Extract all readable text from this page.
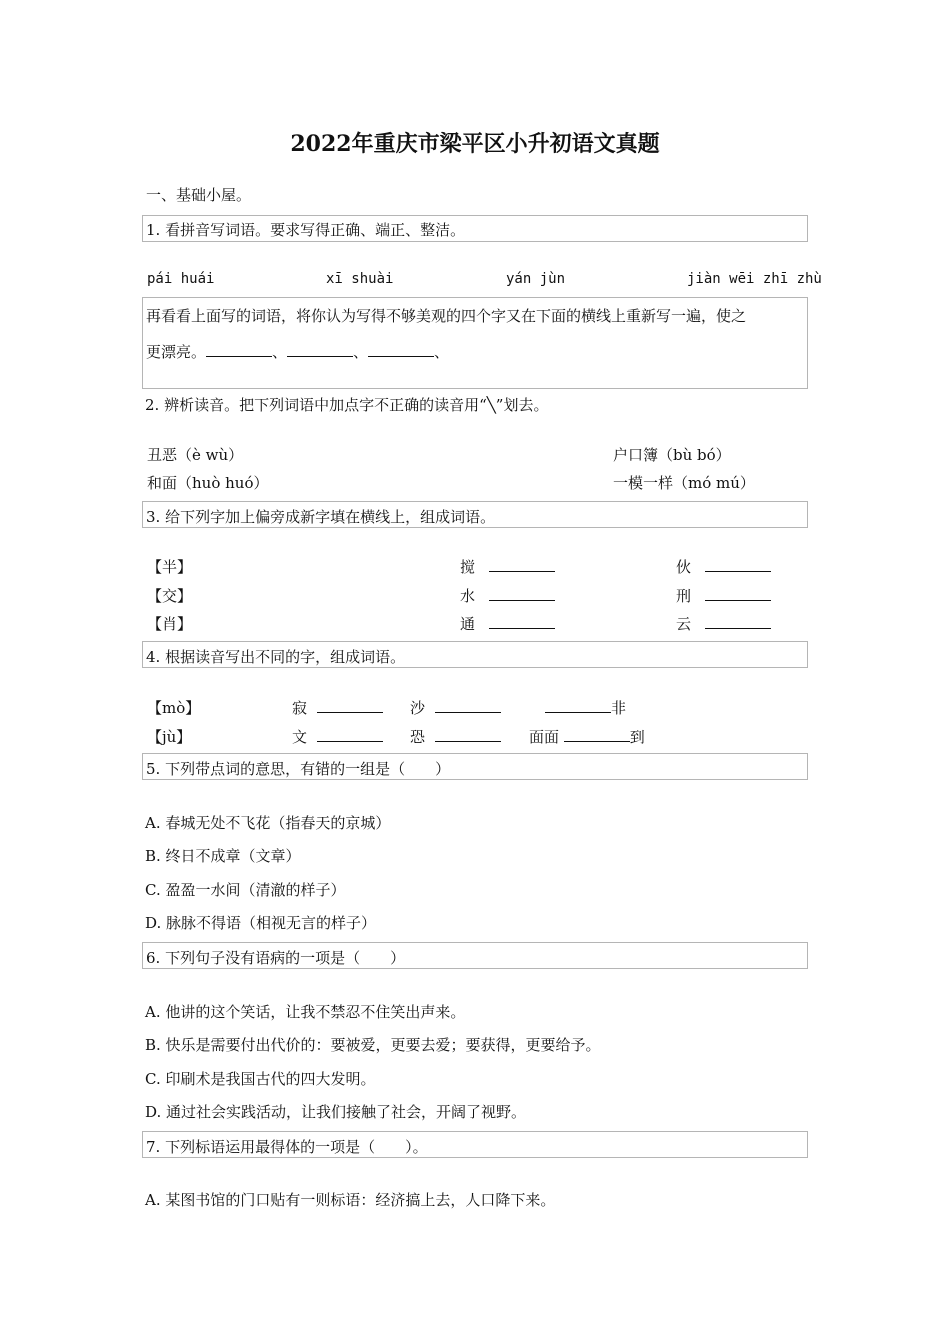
2022年重庆市梁平区小升初语文真题
一、基础小屋。
1. 看拼音写词语。要求写得正确、端正、整洁。
pái huái	xī shuài	yán jùn	jiàn wēi zhī zhù
再看看上面写的词语，将你认为写得不够美观的四个字又在下面的横线上重新写一遍，使之
更漂亮。	、	、	、
2. 辨析读音。把下列词语中加点字不正确的读音用“╲”划去。
丑恶（è wù）	户口簿（bù bó）
和面（huò huó）	一模一样（mó mú）
3. 给下列字加上偏旁成新字填在横线上，组成词语。
【半】	搅	伙
【交】	水	刑
【肖】	通	云
4. 根据读音写出不同的字，组成词语。
【mò】	寂	沙	非
【jù】	文	恐	面面	到
5. 下列带点词的意思，有错的一组是（　　）
A. 春城无处不飞花（指春天的京城）
B. 终日不成章（文章）
C. 盈盈一水间（清澈的样子）
D. 脉脉不得语（相视无言的样子）
6. 下列句子没有语病的一项是（　　）
A. 他讲的这个笑话，让我不禁忍不住笑出声来。
B. 快乐是需要付出代价的：要被爱，更要去爱；要获得，更要给予。
C. 印刷术是我国古代的四大发明。
D. 通过社会实践活动，让我们接触了社会，开阔了视野。
7. 下列标语运用最得体的一项是（　　）。
A. 某图书馆的门口贴有一则标语：经济搞上去，人口降下来。
